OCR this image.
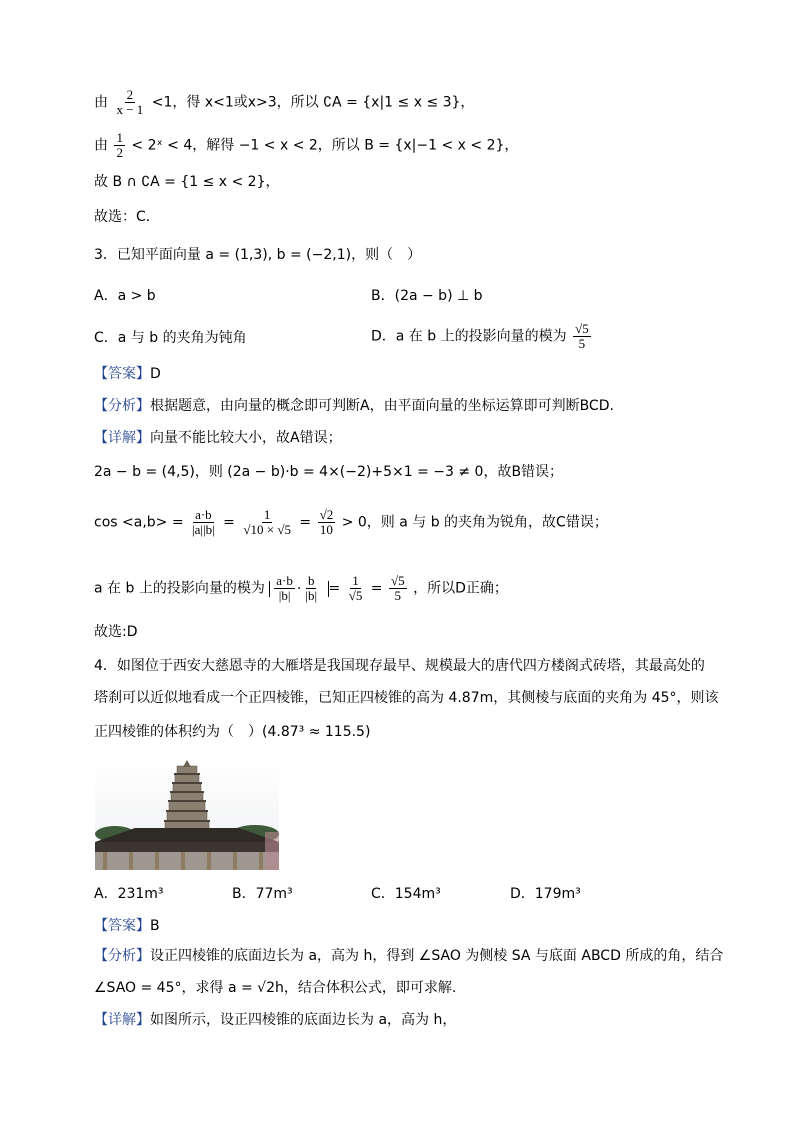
由 $\frac{2}{x - 1} <1$，得 x<1或x>3，所以 ∁A = {x|1 ≤ x ≤ 3}，
由 $\frac{1}{2}$ < 2ˣ < 4，解得 −1 < x < 2，所以 B = {x|−1 < x < 2}，
故 B ∩ ∁A = {1 ≤ x < 2}，
故选：C．
3．已知平面向量 a = (1,3), b = (−2,1)，则（　）
A．a > b	B．(2a − b) ⊥ b
C．a 与 b 的夹角为钝角	D．a 在 b 上的投影向量的模为 $\frac{√5}{5}$
【答案】D
【分析】根据题意，由向量的概念即可判断A，由平面向量的坐标运算即可判断BCD.
【详解】向量不能比较大小，故A错误；
2a − b = (4,5)，则 (2a − b)·b = 4×(−2)+5×1 = −3 ≠ 0，故B错误；
$\cos <a,b> = \frac{a\cdot b}{|a||b|} = \frac{1}{√10 \times √5} = \frac{√2}{10} > 0$，则 a 与 b 的夹角为锐角，故C错误；
a 在 b 上的投影向量的模为 $\frac{a\cdot b}{|b|} \cdot \frac{b}{|b|} = \frac{1}{√5} = \frac{√5}{5}$ ，所以D正确；
故选:D
4．如图位于西安大慈恩寺的大雁塔是我国现存最早、规模最大的唐代四方楼阁式砖塔，其最高处的
塔刹可以近似地看成一个正四棱锥，已知正四棱锥的高为 4.87m，其侧棱与底面的夹角为 45°，则该
正四棱锥的体积约为（　）(4.87³ ≈ 115.5)
A．231m³	B．77m³	C．154m³	D．179m³
【答案】B
【分析】设正四棱锥的底面边长为 a，高为 h，得到 ∠SAO 为侧棱 SA 与底面 ABCD 所成的角，结合
∠SAO = 45°，求得 a = √2h，结合体积公式，即可求解.
【详解】如图所示，设正四棱锥的底面边长为 a，高为 h，
